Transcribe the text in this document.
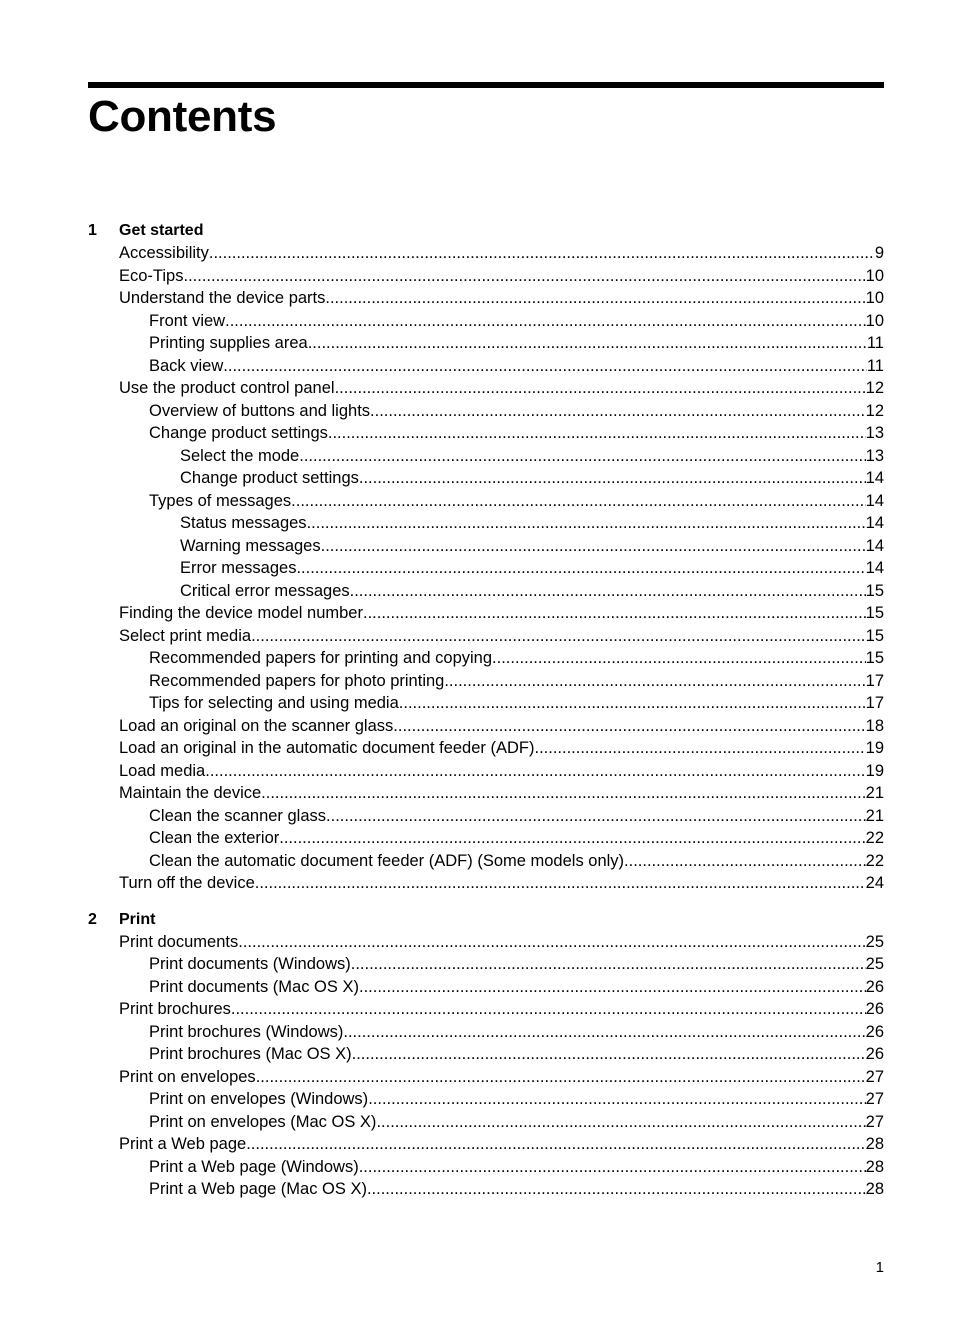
Contents
1 Get started
Accessibility .....	9
Eco-Tips .....	10
Understand the device parts .....	10
Front view .....	10
Printing supplies area .....	11
Back view .....	11
Use the product control panel .....	12
Overview of buttons and lights .....	12
Change product settings .....	13
Select the mode .....	13
Change product settings .....	14
Types of messages .....	14
Status messages .....	14
Warning messages .....	14
Error messages .....	14
Critical error messages .....	15
Finding the device model number .....	15
Select print media .....	15
Recommended papers for printing and copying .....	15
Recommended papers for photo printing .....	17
Tips for selecting and using media .....	17
Load an original on the scanner glass .....	18
Load an original in the automatic document feeder (ADF) .....	19
Load media .....	19
Maintain the device .....	21
Clean the scanner glass .....	21
Clean the exterior .....	22
Clean the automatic document feeder (ADF) (Some models only) .....	22
Turn off the device .....	24
2 Print
Print documents .....	25
Print documents (Windows) .....	25
Print documents (Mac OS X) .....	26
Print brochures .....	26
Print brochures (Windows) .....	26
Print brochures (Mac OS X) .....	26
Print on envelopes .....	27
Print on envelopes (Windows) .....	27
Print on envelopes (Mac OS X) .....	27
Print a Web page .....	28
Print a Web page (Windows) .....	28
Print a Web page (Mac OS X) .....	28
1
